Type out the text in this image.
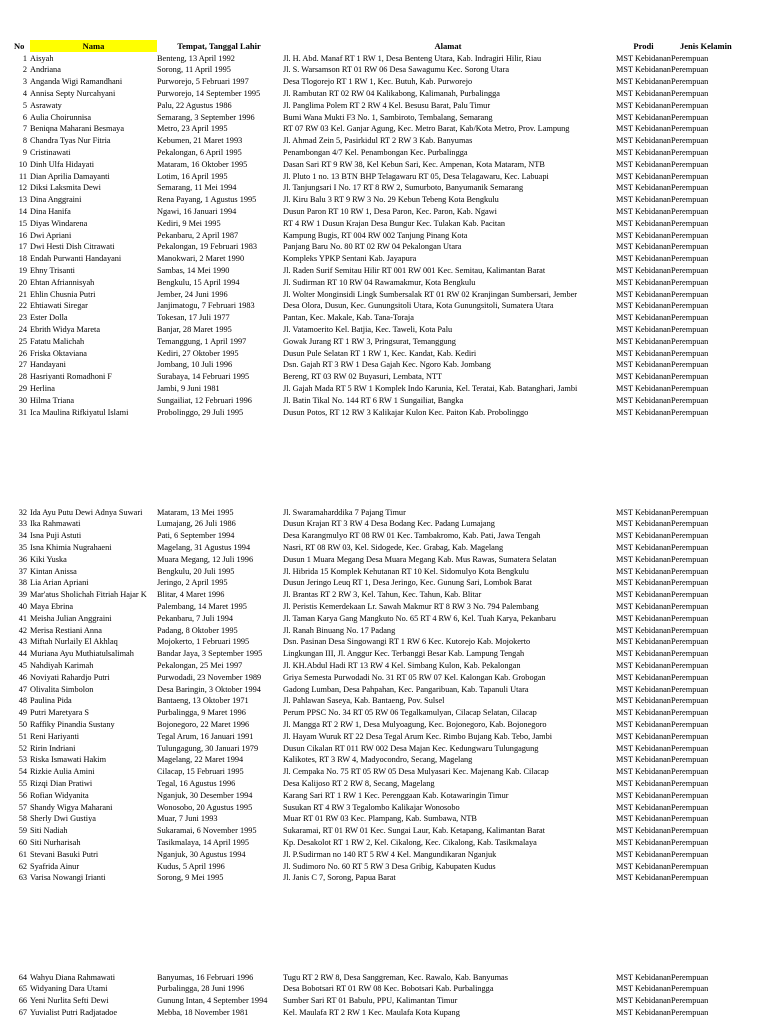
No	Nama	Tempat, Tanggal Lahir	Alamat	Prodi	Jenis Kelamin
1 Aisyah	Benteng, 13 April 1992	Jl. H. Abd. Manaf RT 1 RW 1, Desa Benteng Utara, Kab. Indragiri Hilir, Riau	MST Kebidanan Perempuan
2 Andriana	Sorong, 11 April 1995	Jl. S. Warsamson RT 01 RW 06 Desa Sawagumu Kec. Sorong Utara	MST Kebidanan Perempuan
3 Anganda Wigi Ramandhani	Purworejo, 5 Februari 1997	Desa Tlogorejo RT 1 RW 1, Kec. Butuh, Kab. Purworejo	MST Kebidanan Perempuan
4 Annisa Septy Nurcahyani	Purworejo, 14 September 1995	Jl. Rambutan RT 02 RW 04 Kalikabong, Kalimanah, Purbalingga	MST Kebidanan Perempuan
5 Asrawaty	Palu, 22 Agustus 1986	Jl. Panglima Polem RT 2 RW 4 Kel. Besusu Barat, Palu Timur	MST Kebidanan Perempuan
6 Aulia Choirunnisa	Semarang, 3 September 1996	Bumi Wana Mukti F3 No. 1, Sambiroto, Tembalang, Semarang	MST Kebidanan Perempuan
7 Beniqna Maharani Besmaya	Metro, 23 April 1995	RT 07 RW 03 Kel. Ganjar Agung, Kec. Metro Barat, Kab/Kota Metro, Prov. Lampung	MST Kebidanan Perempuan
8 Chandra Tyas Nur Fitria	Kebumen, 21 Maret 1993	Jl. Ahmad Zein 5, Pasirkidul RT 2 RW 3 Kab. Banyumas	MST Kebidanan Perempuan
9 Cristinawati	Pekalongan, 6 April 1995	Penambongan 4/7 Kel. Penambongan Kec. Purbalingga	MST Kebidanan Perempuan
10 Dinh Ulfa Hidayati	Mataram, 16 Oktober 1995	Dasan Sari RT 9 RW 38, Kel Kebun Sari, Kec. Ampenan, Kota Mataram, NTB	MST Kebidanan Perempuan
11 Dian Aprilia Damayanti	Lotim, 16 April 1995	Jl. Pluto 1 no. 13 BTN BHP Telagawaru RT 05, Desa Telagawaru, Kec. Labuapi	MST Kebidanan Perempuan
12 Diksi Laksmita Dewi	Semarang, 11 Mei 1994	Jl. Tanjungsari I No. 17 RT 8 RW 2, Sumurboto, Banyumanik Semarang	MST Kebidanan Perempuan
13 Dina Anggraini	Rena Payang, 1 Agustus 1995	Jl. Kiru Balu 3 RT 9 RW 3 No. 29 Kebun Tebeng Kota Bengkulu	MST Kebidanan Perempuan
14 Dina Hanifa	Ngawi, 16 Januari 1994	Dusun Paron RT 10 RW 1, Desa Paron, Kec. Paron, Kab. Ngawi	MST Kebidanan Perempuan
15 Diyas Windarena	Kediri, 9 Mei 1995	RT 4 RW 1 Dusun Krajan Desa Bungur Kec. Tulakan Kab. Pacitan	MST Kebidanan Perempuan
16 Dwi Apriani	Pekanbaru, 2 April 1987	Kampung Bugis, RT 004 RW 002 Tanjung Pinang Kota	MST Kebidanan Perempuan
17 Dwi Hesti Dish Citrawati	Pekalongan, 19 Februari 1983	Panjang Baru No. 80 RT 02 RW 04 Pekalongan Utara	MST Kebidanan Perempuan
18 Endah Purwanti Handayani	Manokwari, 2 Maret 1990	Kompleks YPKP Sentani Kab. Jayapura	MST Kebidanan Perempuan
19 Ehny Trisanti	Sambas, 14 Mei 1990	Jl. Raden Surif Semitau Hilir RT 001 RW 001 Kec. Semitau, Kalimantan Barat	MST Kebidanan Perempuan
20 Ehtan Afriannisyah	Bengkulu, 15 April 1994	Jl. Sudirman RT 10 RW 04 Rawamakmur, Kota Bengkulu	MST Kebidanan Perempuan
21 Ehlin Chusnia Putri	Jember, 24 Juni 1996	Jl. Wolter Monginsidi Lingk Sumbersalak RT 01 RW 02 Kranjingan Sumbersari, Jember	MST Kebidanan Perempuan
22 Ehtiawati Siregar	Janjimatogu, 7 Februari 1983	Desa Olora, Dusun, Kec. Gunungsitoli Utara, Kota Gunungsitoli, Sumatera Utara	MST Kebidanan Perempuan
23 Ester Dolla	Tokesan, 17 Juli 1977	Pantan, Kec. Makale, Kab. Tana-Toraja	MST Kebidanan Perempuan
24 Ebrith Widya Mareta	Banjar, 28 Maret 1995	Jl. Vatamoerito Kel. Batjia, Kec. Taweli, Kota Palu	MST Kebidanan Perempuan
25 Fatatu Malichah	Temanggung, 1 April 1997	Gowak Jurang RT 1 RW 3, Pringsurat, Temanggung	MST Kebidanan Perempuan
26 Friska Oktaviana	Kediri, 27 Oktober 1995	Dusun Pule Selatan RT 1 RW 1, Kec. Kandat, Kab. Kediri	MST Kebidanan Perempuan
27 Handayani	Jombang, 10 Juli 1996	Dsn. Gajah RT 3 RW 1 Desa Gajah Kec. Ngoro Kab. Jombang	MST Kebidanan Perempuan
28 Hasriyanti Romadhoni F	Surabaya, 14 Februari 1995	Bereng, RT 03 RW 02 Buyasuri, Lembata, NTT	MST Kebidanan Perempuan
29 Herlina	Jambi, 9 Juni 1981	Jl. Gajah Mada RT 5 RW 1 Komplek Indo Karunia, Kel. Teratai, Kab. Batanghari, Jambi	MST Kebidanan Perempuan
30 Hilma Triana	Sungailiat, 12 Februari 1996	Jl. Batin Tikal No. 144 RT 6 RW 1 Sungailiat, Bangka	MST Kebidanan Perempuan
31 Ica Maulina Rifkiyatul Islami	Probolinggo, 29 Juli 1995	Dusun Potos, RT 12 RW 3 Kalikajar Kulon Kec. Paiton Kab. Probolinggo	MST Kebidanan Perempuan
32 Ida Ayu Putu Dewi Adnya Suwari	Mataram, 13 Mei 1995	Jl. Swaramaharddika 7 Pajang Timur	MST Kebidanan Perempuan
33 Ika Rahmawati	Lumajang, 26 Juli 1986	Dusun Krajan RT 3 RW 4 Desa Bodang Kec. Padang Lumajang	MST Kebidanan Perempuan
34 Isna Puji Astuti	Pati, 6 September 1994	Desa Karangmulyo RT 08 RW 01 Kec. Tambakromo, Kab. Pati, Jawa Tengah	MST Kebidanan Perempuan
35 Isna Khimia Nugrahaeni	Magelang, 31 Agustus 1994	Nasri, RT 08 RW 03, Kel. Sidogede, Kec. Grabag, Kab. Magelang	MST Kebidanan Perempuan
36 Kiki Yuska	Muara Megang, 12 Juli 1996	Dusun 1 Muara Megang Desa Muara Megang Kab. Mus Rawas, Sumatera Selatan	MST Kebidanan Perempuan
37 Kintan Anissa	Bengkulu, 20 Juli 1995	Jl. Hibrida 15 Komplek Kehutanan RT 10 Kel. Sidomulyo Kota Bengkulu	MST Kebidanan Perempuan
38 Lia Arian Apriani	Jeringo, 2 April 1995	Dusun Jeringo Leuq RT 1, Desa Jeringo, Kec. Gunung Sari, Lombok Barat	MST Kebidanan Perempuan
39 Mar'atus Sholichah Fitriah Hajar K	Blitar, 4 Maret 1996	Jl. Brantas RT 2 RW 3, Kel. Tahun, Kec. Tahun, Kab. Blitar	MST Kebidanan Perempuan
40 Maya Ebrina	Palembang, 14 Maret 1995	Jl. Peristis Kemerdekaan Lr. Sawah Makmur RT 8 RW 3 No. 794 Palembang	MST Kebidanan Perempuan
41 Meisha Julian Anggraini	Pekanbaru, 7 Juli 1994	Jl. Taman Karya Gang Mangkuto No. 65 RT 4 RW 6, Kel. Tuah Karya, Pekanbaru	MST Kebidanan Perempuan
42 Merisa Restiani Anna	Padang, 8 Oktober 1995	Jl. Ranah Binuang No. 17 Padang	MST Kebidanan Perempuan
43 Miftah Nurlaily El Akhlaq	Mojokerto, 1 Februari 1995	Dsn. Pasinan Desa Singowangi RT 1 RW 6 Kec. Kutorejo Kab. Mojokerto	MST Kebidanan Perempuan
44 Muriana Ayu Muthiatulsalimah	Bandar Jaya, 3 September 1995	Lingkungan III, Jl. Anggur Kec. Terbanggi Besar Kab. Lampung Tengah	MST Kebidanan Perempuan
45 Nahdiyah Karimah	Pekalongan, 25 Mei 1997	Jl. KH.Abdul Hadi RT 13 RW 4 Kel. Simbang Kulon, Kab. Pekalongan	MST Kebidanan Perempuan
46 Noviyati Rahardjo Putri	Purwodadi, 23 November 1989	Griya Semesta Purwodadi No. 31 RT 05 RW 07 Kel. Kalongan Kab. Grobogan	MST Kebidanan Perempuan
47 Olivalita Simbolon	Desa Baringin, 3 Oktober 1994	Gadong Lumban, Desa Pahpahan, Kec. Pangaribuan, Kab. Tapanuli Utara	MST Kebidanan Perempuan
48 Paulina Pida	Bantaeng, 13 Oktober 1971	Jl. Pahlawan Saseya, Kab. Bantaeng, Pov. Sulsel	MST Kebidanan Perempuan
49 Putri Maretyara S	Purbalingga, 9 Maret 1996	Perum PPSC No. 34 RT 05 RW 06 Tegalkamulyan, Cilacap Selatan, Cilacap	MST Kebidanan Perempuan
50 Raffiky Pinandia Sustany	Bojonegoro, 22 Maret 1996	Jl. Mangga RT 2 RW 1, Desa Mulyoagung, Kec. Bojonegoro, Kab. Bojonegoro	MST Kebidanan Perempuan
51 Reni Hariyanti	Tegal Arum, 16 Januari 1991	Jl. Hayam Wuruk RT 22 Desa Tegal Arum Kec. Rimbo Bujang Kab. Tebo, Jambi	MST Kebidanan Perempuan
52 Ririn Indriani	Tulungagung, 30 Januari 1979	Dusun Cikalan RT 011 RW 002 Desa Majan Kec. Kedungwaru Tulungagung	MST Kebidanan Perempuan
53 Riska Ismawati Hakim	Magelang, 22 Maret 1994	Kalikotes, RT 3 RW 4, Madyocondro, Secang, Magelang	MST Kebidanan Perempuan
54 Rizkie Aulia Amini	Cilacap, 15 Februari 1995	Jl. Cempaka No. 75 RT 05 RW 05 Desa Mulyasari Kec. Majenang Kab. Cilacap	MST Kebidanan Perempuan
55 Rizqi Dian Pratiwi	Tegal, 16 Agustus 1996	Desa Kalijoso RT 2 RW 8, Secang, Magelang	MST Kebidanan Perempuan
56 Rofian Widyanita	Nganjuk, 30 Desember 1994	Karang Sari RT 1 RW 1 Kec. Perenggaan Kab. Kotawaringin Timur	MST Kebidanan Perempuan
57 Shandy Wigya Maharani	Wonosobo, 20 Agustus 1995	Susukan RT 4 RW 3 Tegalombo Kalikajar Wonosobo	MST Kebidanan Perempuan
58 Sherly Dwi Gustiya	Muar, 7 Juni 1993	Muar RT 01 RW 03 Kec. Plampang, Kab. Sumbawa, NTB	MST Kebidanan Perempuan
59 Siti Nadiah	Sukaramai, 6 November 1995	Sukaramai, RT 01 RW 01 Kec. Sungai Laur, Kab. Ketapang, Kalimantan Barat	MST Kebidanan Perempuan
60 Siti Nurharisah	Tasikmalaya, 14 April 1995	Kp. Desakolot RT 1 RW 2, Kel. Cikalong, Kec. Cikalong, Kab. Tasikmalaya	MST Kebidanan Perempuan
61 Stevani Basuki Putri	Nganjuk, 30 Agustus 1994	Jl. P.Sudirman no 140 RT 5 RW 4 Kel. Mangundikaran Nganjuk	MST Kebidanan Perempuan
62 Syafrida Ainur	Kudus, 5 April 1996	Jl. Sudimoro No. 60 RT 5 RW 3 Desa Gribig, Kabupaten Kudus	MST Kebidanan Perempuan
63 Varisa Nowangi Irianti	Sorong, 9 Mei 1995	Jl. Janis C 7, Sorong, Papua Barat	MST Kebidanan Perempuan
64 Wahyu Diana Rahmawati	Banyumas, 16 Februari 1996	Tugu RT 2 RW 8, Desa Sanggreman, Kec. Rawalo, Kab. Banyumas	MST Kebidanan Perempuan
65 Widyaning Dara Utami	Purbalingga, 28 Juni 1996	Desa Bobotsari RT 01 RW 08 Kec. Bobotsari Kab. Purbalingga	MST Kebidanan Perempuan
66 Yeni Nurlita Sefti Dewi	Gunung Intan, 4 September 1994	Sumber Sari RT 01 Babulu, PPU, Kalimantan Timur	MST Kebidanan Perempuan
67 Yuvialist Putri Radjatadoe	Mebba, 18 November 1981	Kel. Maulafa RT 2 RW 1 Kec. Maulafa Kota Kupang	MST Kebidanan Perempuan
